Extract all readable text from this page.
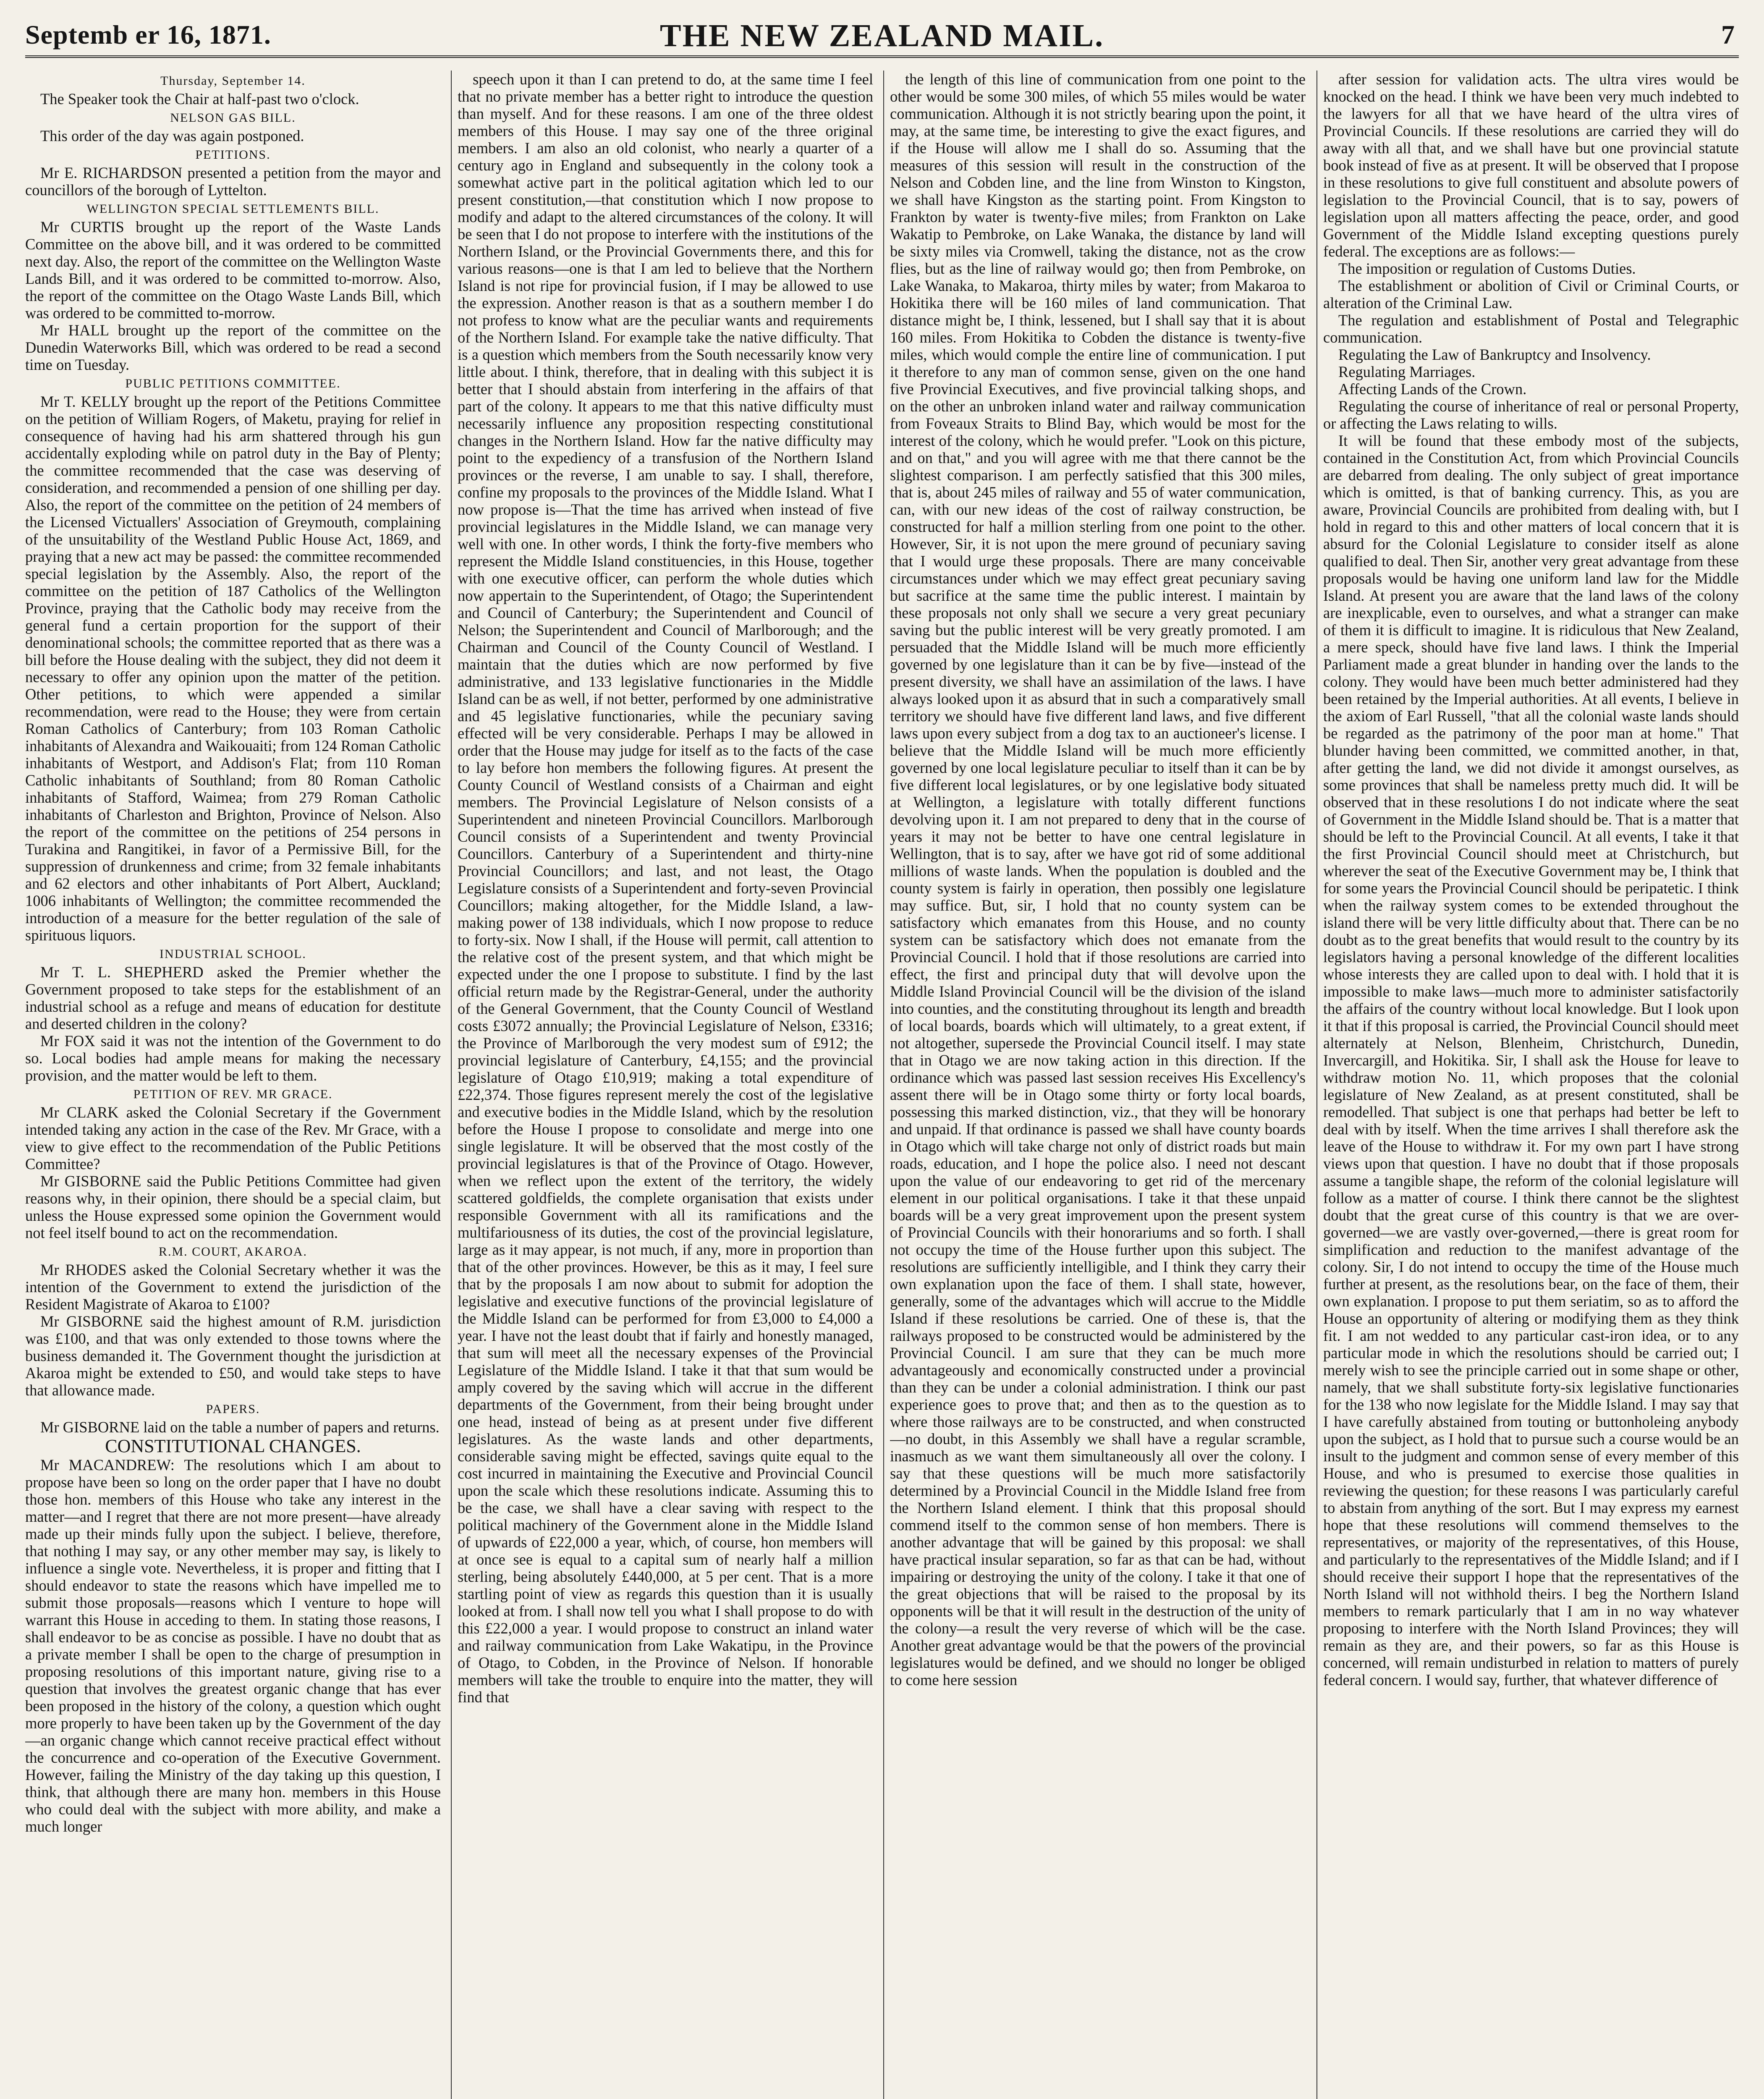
Septemb er 16, 1871.	THE NEW ZEALAND MAIL.	7
Thursday, September 14.

The Speaker took the Chair at half-past two o'clock.

NELSON GAS BILL.

This order of the day was again postponed.

PETITIONS.

Mr E. RICHARDSON presented a petition from the mayor and councillors of the borough of Lyttelton.

WELLINGTON SPECIAL SETTLEMENTS BILL.

Mr CURTIS brought up the report of the Waste Lands Committee on the above bill, and it was ordered to be committed next day. Also, the report of the committee on the Wellington Waste Lands Bill, and it was ordered to be committed to-morrow. Also, the report of the committee on the Otago Waste Lands Bill, which was ordered to be committed to-morrow.

Mr HALL brought up the report of the committee on the Dunedin Waterworks Bill, which was ordered to be read a second time on Tuesday.

PUBLIC PETITIONS COMMITTEE.

Mr T. KELLY brought up the report of the Petitions Committee on the petition of William Rogers, of Maketu, praying for relief in consequence of having had his arm shattered through his gun accidentally exploding while on patrol duty in the Bay of Plenty; the committee recommended that the case was deserving of consideration, and recommended a pension of one shilling per day. Also, the report of the committee on the petition of 24 members of the Licensed Victuallers' Association of Greymouth, complaining of the unsuitability of the Westland Public House Act, 1869, and praying that a new act may be passed: the committee recommended special legislation by the Assembly. Also, the report of the committee on the petition of 187 Catholics of the Wellington Province, praying that the Catholic body may receive from the general fund a certain proportion for the support of their denominational schools; the committee reported that as there was a bill before the House dealing with the subject, they did not deem it necessary to offer any opinion upon the matter of the petition. Other petitions, to which were appended a similar recommendation, were read to the House; they were from certain Roman Catholics of Canterbury; from 103 Roman Catholic inhabitants of Alexandra and Waikouaiti; from 124 Roman Catholic inhabitants of Westport, and Addison's Flat; from 110 Roman Catholic inhabitants of Southland; from 80 Roman Catholic inhabitants of Stafford, Waimea; from 279 Roman Catholic inhabitants of Charleston and Brighton, Province of Nelson. Also the report of the committee on the petitions of 254 persons in Turakina and Rangitikei, in favor of a Permissive Bill, for the suppression of drunkenness and crime; from 32 female inhabitants and 62 electors and other inhabitants of Port Albert, Auckland; 1006 inhabitants of Wellington; the committee recommended the introduction of a measure for the better regulation of the sale of spirituous liquors.

INDUSTRIAL SCHOOL.

Mr T. L. SHEPHERD asked the Premier whether the Government proposed to take steps for the establishment of an industrial school as a refuge and means of education for destitute and deserted children in the colony?

Mr FOX said it was not the intention of the Government to do so. Local bodies had ample means for making the necessary provision, and the matter would be left to them.

PETITION OF REV. MR GRACE.

Mr CLARK asked the Colonial Secretary if the Government intended taking any action in the case of the Rev. Mr Grace, with a view to give effect to the recommendation of the Public Petitions Committee?

Mr GISBORNE said the Public Petitions Committee had given reasons why, in their opinion, there should be a special claim, but unless the House expressed some opinion the Government would not feel itself bound to act on the recommendation.

R.M. COURT, AKAROA.

Mr RHODES asked the Colonial Secretary whether it was the intention of the Government to extend the jurisdiction of the Resident Magistrate of Akaroa to £100?

Mr GISBORNE said the highest amount of R.M. jurisdiction was £100, and that was only extended to those towns where the business demanded it. The Government thought the jurisdiction at Akaroa might be extended to £50, and would take steps to have that allowance made.

PAPERS.

Mr GISBORNE laid on the table a number of papers and returns.

CONSTITUTIONAL CHANGES.

Mr MACANDREW: The resolutions which I am about to propose have been so long on the order paper that I have no doubt those hon. members of this House who take any interest in the matter—and I regret that there are not more present—have already made up their minds fully upon the subject. I believe, therefore, that nothing I may say, or any other member may say, is likely to influence a single vote. Nevertheless, it is proper and fitting that I should endeavor to state the reasons which have impelled me to submit those proposals—reasons which I venture to hope will warrant this House in acceding to them. In stating those reasons, I shall endeavor to be as concise as possible. I have no doubt that as a private member I shall be open to the charge of presumption in proposing resolutions of this important nature, giving rise to a question that involves the greatest organic change that has ever been proposed in the history of the colony, a question which ought more properly to have been taken up by the Government of the day—an organic change which cannot receive practical effect without the concurrence and co-operation of the Executive Government. However, failing the Ministry of the day taking up this question, I think, that although there are many hon. members in this House who could deal with the subject with more ability, and make a much longer

speech upon it than I can pretend to do, at the same time I feel that no private member has a better right to introduce the question than myself. And for these reasons. I am one of the three oldest members of this House. I may say one of the three original members. I am also an old colonist, who nearly a quarter of a century ago in England and subsequently in the colony took a somewhat active part in the political agitation which led to our present constitution,—that constitution which I now propose to modify and adapt to the altered circumstances of the colony. It will be seen that I do not propose to interfere with the institutions of the Northern Island, or the Provincial Governments there, and this for various reasons—one is that I am led to believe that the Northern Island is not ripe for provincial fusion, if I may be allowed to use the expression. Another reason is that as a southern member I do not profess to know what are the peculiar wants and requirements of the Northern Island. For example take the native difficulty. That is a question which members from the South necessarily know very little about. I think, therefore, that in dealing with this subject it is better that I should abstain from interfering in the affairs of that part of the colony. It appears to me that this native difficulty must necessarily influence any proposition respecting constitutional changes in the Northern Island. How far the native difficulty may point to the expediency of a transfusion of the Northern Island provinces or the reverse, I am unable to say. I shall, therefore, confine my proposals to the provinces of the Middle Island. What I now propose is—That the time has arrived when instead of five provincial legislatures in the Middle Island, we can manage very well with one. In other words, I think the forty-five members who represent the Middle Island constituencies, in this House, together with one executive officer, can perform the whole duties which now appertain to the Superintendent, of Otago; the Superintendent and Council of Canterbury; the Superintendent and Council of Nelson; the Superintendent and Council of Marlborough; and the Chairman and Council of the County Council of Westland. I maintain that the duties which are now performed by five administrative, and 133 legislative functionaries in the Middle Island can be as well, if not better, performed by one administrative and 45 legislative functionaries, while the pecuniary saving effected will be very considerable. Perhaps I may be allowed in order that the House may judge for itself as to the facts of the case to lay before hon members the following figures. At present the County Council of Westland consists of a Chairman and eight members. The Provincial Legislature of Nelson consists of a Superintendent and nineteen Provincial Councillors. Marlborough Council consists of a Superintendent and twenty Provincial Councillors. Canterbury of a Superintendent and thirty-nine Provincial Councillors; and last, and not least, the Otago Legislature consists of a Superintendent and forty-seven Provincial Councillors; making altogether, for the Middle Island, a law-making power of 138 individuals, which I now propose to reduce to forty-six. Now I shall, if the House will permit, call attention to the relative cost of the present system, and that which might be expected under the one I propose to substitute. I find by the last official return made by the Registrar-General, under the authority of the General Government, that the County Council of Westland costs £3072 annually; the Provincial Legislature of Nelson, £3316; the Province of Marlborough the very modest sum of £912; the provincial legislature of Canterbury, £4,155; and the provincial legislature of Otago £10,919; making a total expenditure of £22,374. Those figures represent merely the cost of the legislative and executive bodies in the Middle Island, which by the resolution before the House I propose to consolidate and merge into one single legislature. It will be observed that the most costly of the provincial legislatures is that of the Province of Otago. However, when we reflect upon the extent of the territory, the widely scattered goldfields, the complete organisation that exists under responsible Government with all its ramifications and the multifariousness of its duties, the cost of the provincial legislature, large as it may appear, is not much, if any, more in proportion than that of the other provinces. However, be this as it may, I feel sure that by the proposals I am now about to submit for adoption the legislative and executive functions of the provincial legislature of the Middle Island can be performed for from £3,000 to £4,000 a year. I have not the least doubt that if fairly and honestly managed, that sum will meet all the necessary expenses of the Provincial Legislature of the Middle Island. I take it that that sum would be amply covered by the saving which will accrue in the different departments of the Government, from their being brought under one head, instead of being as at present under five different legislatures. As the waste lands and other departments, considerable saving might be effected, savings quite equal to the cost incurred in maintaining the Executive and Provincial Council upon the scale which these resolutions indicate. Assuming this to be the case, we shall have a clear saving with respect to the political machinery of the Government alone in the Middle Island of upwards of £22,000 a year, which, of course, hon members will at once see is equal to a capital sum of nearly half a million sterling, being absolutely £440,000, at 5 per cent. That is a more startling point of view as regards this question than it is usually looked at from. I shall now tell you what I shall propose to do with this £22,000 a year. I would propose to construct an inland water and railway communication from Lake Wakatipu, in the Province of Otago, to Cobden, in the Province of Nelson. If honorable members will take the trouble to enquire into the matter, they will find that

the length of this line of communication from one point to the other would be some 300 miles, of which 55 miles would be water communication. Although it is not strictly bearing upon the point, it may, at the same time, be interesting to give the exact figures, and if the House will allow me I shall do so. Assuming that the measures of this session will result in the construction of the Nelson and Cobden line, and the line from Winston to Kingston, we shall have Kingston as the starting point. From Kingston to Frankton by water is twenty-five miles; from Frankton on Lake Wakatip to Pembroke, on Lake Wanaka, the distance by land will be sixty miles via Cromwell, taking the distance, not as the crow flies, but as the line of railway would go; then from Pembroke, on Lake Wanaka, to Makaroa, thirty miles by water; from Makaroa to Hokitika there will be 160 miles of land communication. That distance might be, I think, lessened, but I shall say that it is about 160 miles. From Hokitika to Cobden the distance is twenty-five miles, which would comple the entire line of communication. I put it therefore to any man of common sense, given on the one hand five Provincial Executives, and five provincial talking shops, and on the other an unbroken inland water and railway communication from Foveaux Straits to Blind Bay, which would be most for the interest of the colony, which he would prefer. "Look on this picture, and on that," and you will agree with me that there cannot be the slightest comparison. I am perfectly satisfied that this 300 miles, that is, about 245 miles of railway and 55 of water communication, can, with our new ideas of the cost of railway construction, be constructed for half a million sterling from one point to the other. However, Sir, it is not upon the mere ground of pecuniary saving that I would urge these proposals. There are many conceivable circumstances under which we may effect great pecuniary saving but sacrifice at the same time the public interest. I maintain by these proposals not only shall we secure a very great pecuniary saving but the public interest will be very greatly promoted. I am persuaded that the Middle Island will be much more efficiently governed by one legislature than it can be by five—instead of the present diversity, we shall have an assimilation of the laws. I have always looked upon it as absurd that in such a comparatively small territory we should have five different land laws, and five different laws upon every subject from a dog tax to an auctioneer's license. I believe that the Middle Island will be much more efficiently governed by one local legislature peculiar to itself than it can be by five different local legislatures, or by one legislative body situated at Wellington, a legislature with totally different functions devolving upon it. I am not prepared to deny that in the course of years it may not be better to have one central legislature in Wellington, that is to say, after we have got rid of some additional millions of waste lands. When the population is doubled and the county system is fairly in operation, then possibly one legislature may suffice. But, sir, I hold that no county system can be satisfactory which emanates from this House, and no county system can be satisfactory which does not emanate from the Provincial Council. I hold that if those resolutions are carried into effect, the first and principal duty that will devolve upon the Middle Island Provincial Council will be the division of the island into counties, and the constituting throughout its length and breadth of local boards, boards which will ultimately, to a great extent, if not altogether, supersede the Provincial Council itself. I may state that in Otago we are now taking action in this direction. If the ordinance which was passed last session receives His Excellency's assent there will be in Otago some thirty or forty local boards, possessing this marked distinction, viz., that they will be honorary and unpaid. If that ordinance is passed we shall have county boards in Otago which will take charge not only of district roads but main roads, education, and I hope the police also. I need not descant upon the value of our endeavoring to get rid of the mercenary element in our political organisations. I take it that these unpaid boards will be a very great improvement upon the present system of Provincial Councils with their honorariums and so forth. I shall not occupy the time of the House further upon this subject. The resolutions are sufficiently intelligible, and I think they carry their own explanation upon the face of them. I shall state, however, generally, some of the advantages which will accrue to the Middle Island if these resolutions be carried. One of these is, that the railways proposed to be constructed would be administered by the Provincial Council. I am sure that they can be much more advantageously and economically constructed under a provincial than they can be under a colonial administration. I think our past experience goes to prove that; and then as to the question as to where those railways are to be constructed, and when constructed—no doubt, in this Assembly we shall have a regular scramble, inasmuch as we want them simultaneously all over the colony. I say that these questions will be much more satisfactorily determined by a Provincial Council in the Middle Island free from the Northern Island element. I think that this proposal should commend itself to the common sense of hon members. There is another advantage that will be gained by this proposal: we shall have practical insular separation, so far as that can be had, without impairing or destroying the unity of the colony. I take it that one of the great objections that will be raised to the proposal by its opponents will be that it will result in the destruction of the unity of the colony—a result the very reverse of which will be the case. Another great advantage would be that the powers of the provincial legislatures would be defined, and we should no longer be obliged to come here session

after session for validation acts. The ultra vires would be knocked on the head. I think we have been very much indebted to the lawyers for all that we have heard of the ultra vires of Provincial Councils. If these resolutions are carried they will do away with all that, and we shall have but one provincial statute book instead of five as at present. It will be observed that I propose in these resolutions to give full constituent and absolute powers of legislation to the Provincial Council, that is to say, powers of legislation upon all matters affecting the peace, order, and good Government of the Middle Island excepting questions purely federal. The exceptions are as follows:—

The imposition or regulation of Customs Duties.

The establishment or abolition of Civil or Criminal Courts, or alteration of the Criminal Law.

The regulation and establishment of Postal and Telegraphic communication.

Regulating the Law of Bankruptcy and Insolvency.

Regulating Marriages.

Affecting Lands of the Crown.

Regulating the course of inheritance of real or personal Property, or affecting the Laws relating to wills.

It will be found that these embody most of the subjects, contained in the Constitution Act, from which Provincial Councils are debarred from dealing. The only subject of great importance which is omitted, is that of banking currency. This, as you are aware, Provincial Councils are prohibited from dealing with, but I hold in regard to this and other matters of local concern that it is absurd for the Colonial Legislature to consider itself as alone qualified to deal. Then Sir, another very great advantage from these proposals would be having one uniform land law for the Middle Island. At present you are aware that the land laws of the colony are inexplicable, even to ourselves, and what a stranger can make of them it is difficult to imagine. It is ridiculous that New Zealand, a mere speck, should have five land laws. I think the Imperial Parliament made a great blunder in handing over the lands to the colony. They would have been much better administered had they been retained by the Imperial authorities. At all events, I believe in the axiom of Earl Russell, "that all the colonial waste lands should be regarded as the patrimony of the poor man at home." That blunder having been committed, we committed another, in that, after getting the land, we did not divide it amongst ourselves, as some provinces that shall be nameless pretty much did. It will be observed that in these resolutions I do not indicate where the seat of Government in the Middle Island should be. That is a matter that should be left to the Provincial Council. At all events, I take it that the first Provincial Council should meet at Christchurch, but wherever the seat of the Executive Government may be, I think that for some years the Provincial Council should be peripatetic. I think when the railway system comes to be extended throughout the island there will be very little difficulty about that. There can be no doubt as to the great benefits that would result to the country by its legislators having a personal knowledge of the different localities whose interests they are called upon to deal with. I hold that it is impossible to make laws—much more to administer satisfactorily the affairs of the country without local knowledge. But I look upon it that if this proposal is carried, the Provincial Council should meet alternately at Nelson, Blenheim, Christchurch, Dunedin, Invercargill, and Hokitika. Sir, I shall ask the House for leave to withdraw motion No. 11, which proposes that the colonial legislature of New Zealand, as at present constituted, shall be remodelled. That subject is one that perhaps had better be left to deal with by itself. When the time arrives I shall therefore ask the leave of the House to withdraw it. For my own part I have strong views upon that question. I have no doubt that if those proposals assume a tangible shape, the reform of the colonial legislature will follow as a matter of course. I think there cannot be the slightest doubt that the great curse of this country is that we are over-governed—we are vastly over-governed,—there is great room for simplification and reduction to the manifest advantage of the colony. Sir, I do not intend to occupy the time of the House much further at present, as the resolutions bear, on the face of them, their own explanation. I propose to put them seriatim, so as to afford the House an opportunity of altering or modifying them as they think fit. I am not wedded to any particular cast-iron idea, or to any particular mode in which the resolutions should be carried out; I merely wish to see the principle carried out in some shape or other, namely, that we shall substitute forty-six legislative functionaries for the 138 who now legislate for the Middle Island. I may say that I have carefully abstained from touting or buttonholeing anybody upon the subject, as I hold that to pursue such a course would be an insult to the judgment and common sense of every member of this House, and who is presumed to exercise those qualities in reviewing the question; for these reasons I was particularly careful to abstain from anything of the sort. But I may express my earnest hope that these resolutions will commend themselves to the representatives, or majority of the representatives, of this House, and particularly to the representatives of the Middle Island; and if I should receive their support I hope that the representatives of the North Island will not withhold theirs. I beg the Northern Island members to remark particularly that I am in no way whatever proposing to interfere with the North Island Provinces; they will remain as they are, and their powers, so far as this House is concerned, will remain undisturbed in relation to matters of purely federal concern. I would say, further, that whatever difference of
